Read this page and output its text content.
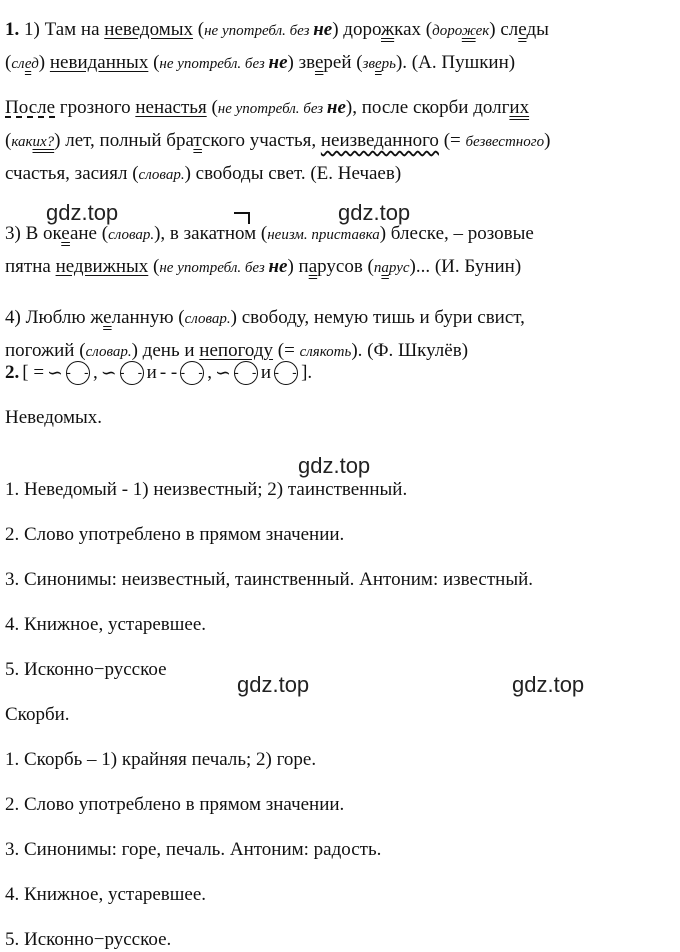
1. 1) Там на неведомых (не употребл. без не) дорожках (дорожек) следы
(след) невиданных (не употребл. без не) зверей (зверь). (А. Пушкин)
После грозного ненастья (не употребл. без не), после скорби долгих
(каких?) лет, полный братского участья, неизведанного (= безвестного)
счастья, засиял (словар.) свободы свет. (Е. Нечаев)
3) В океане (словар.), в закатном (неизм. приставка) блеске, – розовые
пятна недвижных (не употребл. без не) парусов (парус)... (И. Бунин)
4) Люблю желанную (словар.) свободу, немую тишь и бури свист,
погожий (словар.) день и непогоду (= слякоть). (Ф. Шкулёв)
2. [ = ∽ - - , ∽ - - и - - - - , ∽ - - и - - ].
Неведомых.
1. Неведомый - 1) неизвестный; 2) таинственный.
2. Слово употреблено в прямом значении.
3. Синонимы: неизвестный, таинственный. Антоним: известный.
4. Книжное, устаревшее.
5. Исконно−русское
Скорби.
1. Скорбь – 1) крайняя печаль; 2) горе.
2. Слово употреблено в прямом значении.
3. Синонимы: горе, печаль. Антоним: радость.
4. Книжное, устаревшее.
5. Исконно−русское.
gdz.top	gdz.top
gdz.top
gdz.top	gdz.top
